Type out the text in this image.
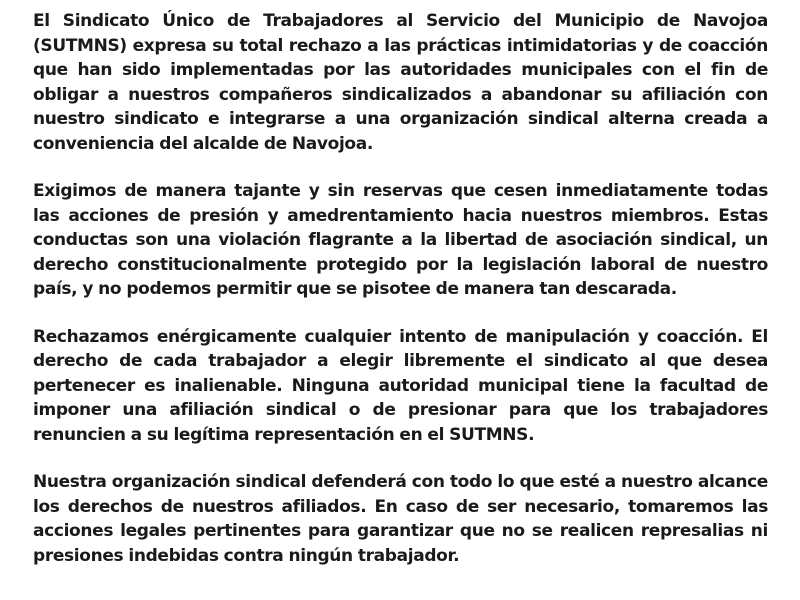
El Sindicato Único de Trabajadores al Servicio del Municipio de Navojoa (SUTMNS) expresa su total rechazo a las prácticas intimidatorias y de coacción que han sido implementadas por las autoridades municipales con el fin de obligar a nuestros compañeros sindicalizados a abandonar su afiliación con nuestro sindicato e integrarse a una organización sindical alterna creada a conveniencia del alcalde de Navojoa.

Exigimos de manera tajante y sin reservas que cesen inmediatamente todas las acciones de presión y amedrentamiento hacia nuestros miembros. Estas conductas son una violación flagrante a la libertad de asociación sindical, un derecho constitucionalmente protegido por la legislación laboral de nuestro país, y no podemos permitir que se pisotee de manera tan descarada.

Rechazamos enérgicamente cualquier intento de manipulación y coacción. El derecho de cada trabajador a elegir libremente el sindicato al que desea pertenecer es inalienable. Ninguna autoridad municipal tiene la facultad de imponer una afiliación sindical o de presionar para que los trabajadores renuncien a su legítima representación en el SUTMNS.

Nuestra organización sindical defenderá con todo lo que esté a nuestro alcance los derechos de nuestros afiliados. En caso de ser necesario, tomaremos las acciones legales pertinentes para garantizar que no se realicen represalias ni presiones indebidas contra ningún trabajador.
